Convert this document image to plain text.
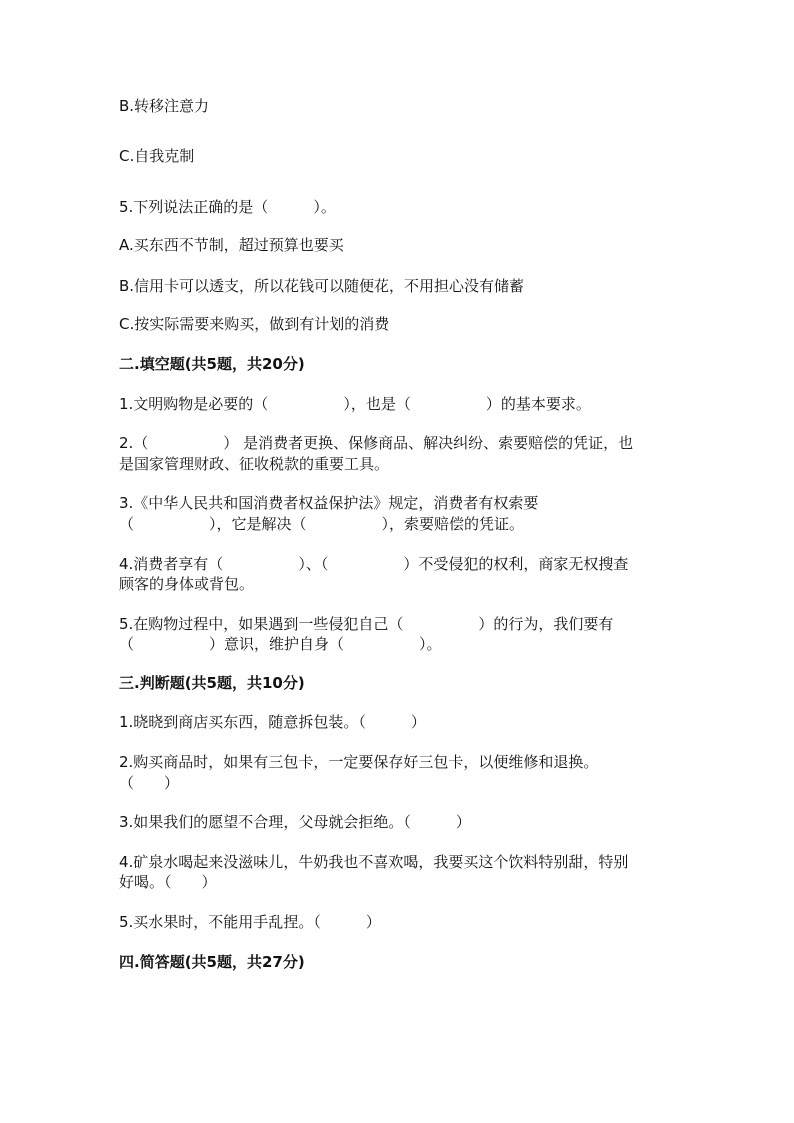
B.转移注意力
C.自我克制
5.下列说法正确的是（　　　）。
A.买东西不节制，超过预算也要买
B.信用卡可以透支，所以花钱可以随便花，不用担心没有储蓄
C.按实际需要来购买，做到有计划的消费
二.填空题(共5题，共20分)
1.文明购物是必要的（　　　　　），也是（　　　　　）的基本要求。
2.（　　　　　） 是消费者更换、保修商品、解决纠纷、索要赔偿的凭证，也
是国家管理财政、征收税款的重要工具。
3.《中华人民共和国消费者权益保护法》规定，消费者有权索要
（　　　　　），它是解决（　　　　　），索要赔偿的凭证。
4.消费者享有（　　　　　）、（　　　　　）不受侵犯的权利，商家无权搜查
顾客的身体或背包。
5.在购物过程中，如果遇到一些侵犯自己（　　　　　）的行为，我们要有
（　　　　　）意识，维护自身（　　　　　）。
三.判断题(共5题，共10分)
1.晓晓到商店买东西，随意拆包装。（　　　）
2.购买商品时，如果有三包卡，一定要保存好三包卡，以便维修和退换。
（　　）
3.如果我们的愿望不合理，父母就会拒绝。（　　　）
4.矿泉水喝起来没滋味儿，牛奶我也不喜欢喝，我要买这个饮料特别甜，特别
好喝。（　　）
5.买水果时，不能用手乱捏。（　　　）
四.简答题(共5题，共27分)
